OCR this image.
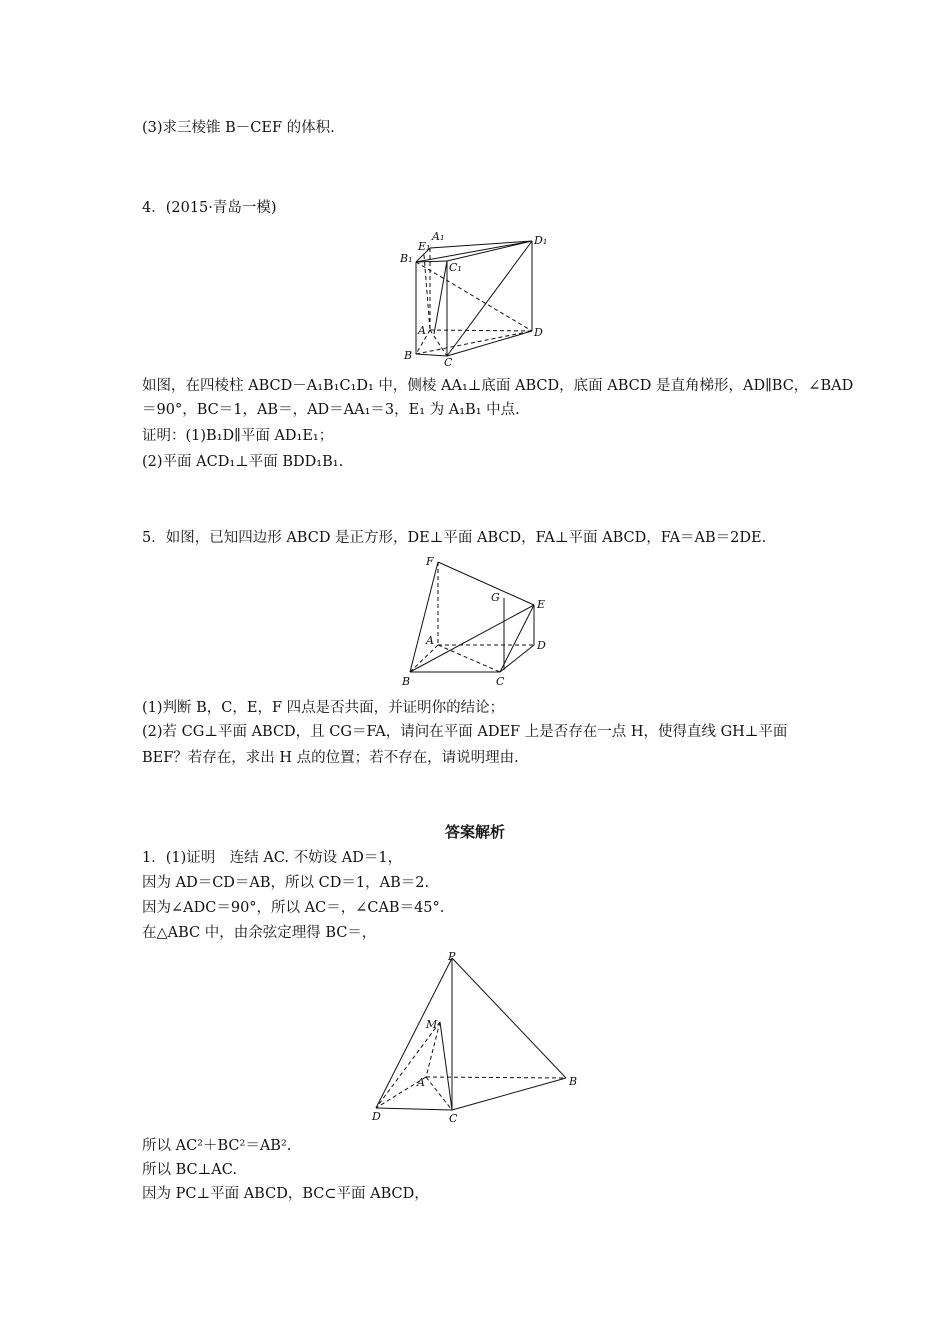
(3)求三棱锥 B－CEF 的体积.
4．(2015·青岛一模)
A₁
E₁
B₁
C₁
D₁
A	D
B
C
如图，在四棱柱 ABCD－A₁B₁C₁D₁ 中，侧棱 AA₁⊥底面 ABCD，底面 ABCD 是直角梯形，AD∥BC，∠BAD
＝90°，BC＝1，AB＝，AD＝AA₁＝3，E₁ 为 A₁B₁ 中点.
证明：(1)B₁D∥平面 AD₁E₁；
(2)平面 ACD₁⊥平面 BDD₁B₁.
5．如图，已知四边形 ABCD 是正方形，DE⊥平面 ABCD，FA⊥平面 ABCD，FA＝AB＝2DE.
F
G
E
A	D
B	C
(1)判断 B，C，E，F 四点是否共面，并证明你的结论；
(2)若 CG⊥平面 ABCD，且 CG＝FA，请问在平面 ADEF 上是否存在一点 H，使得直线 GH⊥平面
BEF？若存在，求出 H 点的位置；若不存在，请说明理由.
答案解析
1．(1)证明　连结 AC. 不妨设 AD＝1，
因为 AD＝CD＝AB，所以 CD＝1，AB＝2.
因为∠ADC＝90°，所以 AC＝，∠CAB＝45°.
在△ABC 中，由余弦定理得 BC＝，
P
M
A	B
C
D
所以 AC²＋BC²＝AB².
所以 BC⊥AC.
因为 PC⊥平面 ABCD，BC⊂平面 ABCD，
